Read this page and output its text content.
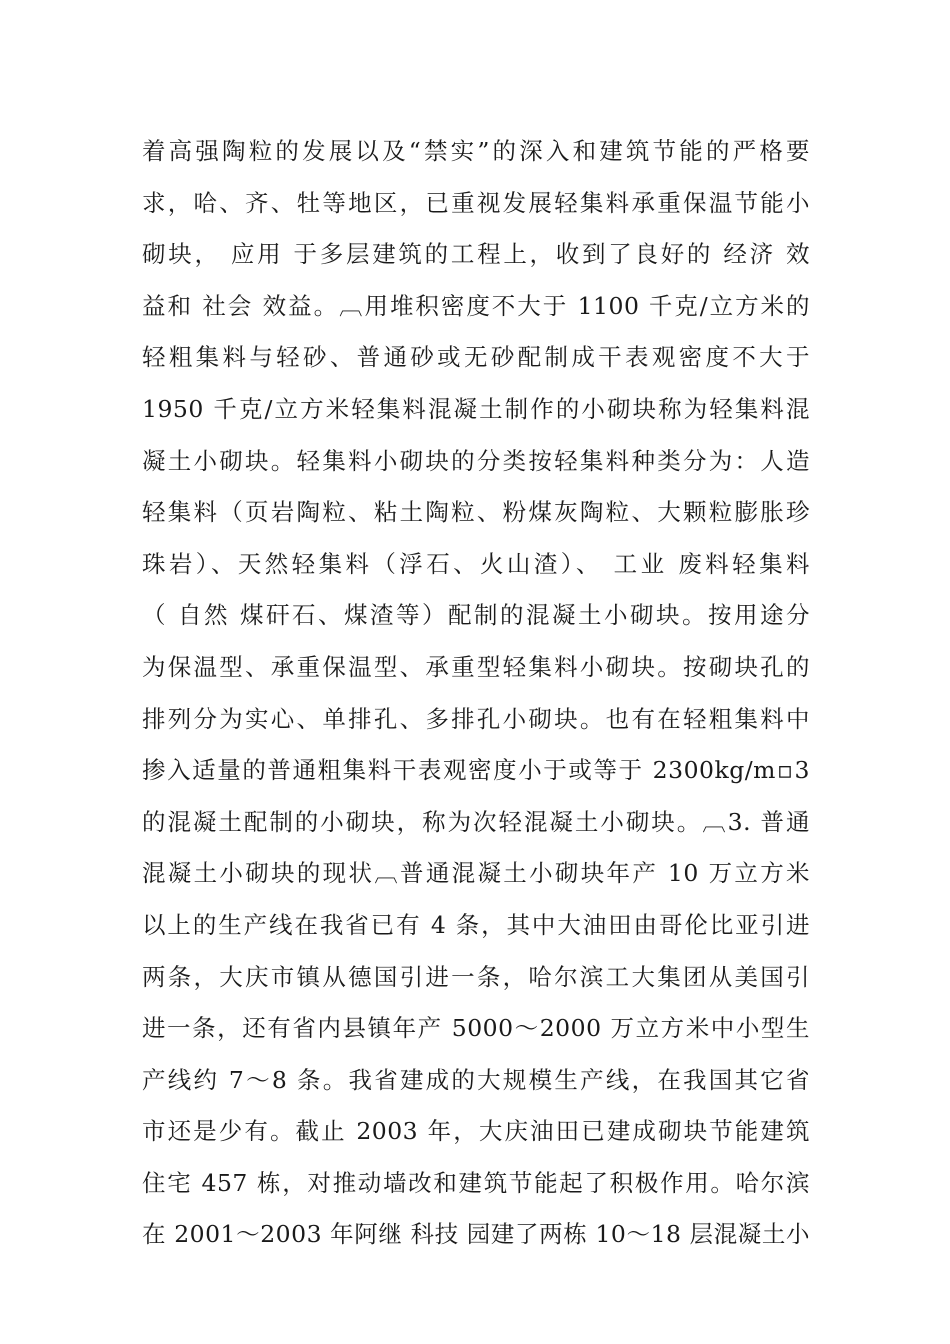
着高强陶粒的发展以及“禁实”的深入和建筑节能的严格要
求，哈、齐、牡等地区，已重视发展轻集料承重保温节能小
砌块， 应用 于多层建筑的工程上，收到了良好的 经济 效
益和 社会 效益。︹用堆积密度不大于 1100 千克/立方米的
轻粗集料与轻砂、普通砂或无砂配制成干表观密度不大于
1950 千克/立方米轻集料混凝土制作的小砌块称为轻集料混
凝土小砌块。轻集料小砌块的分类按轻集料种类分为：人造
轻集料（页岩陶粒、粘土陶粒、粉煤灰陶粒、大颗粒膨胀珍
珠岩）、天然轻集料（浮石、火山渣）、 工业 废料轻集料
（ 自然 煤矸石、煤渣等）配制的混凝土小砌块。按用途分
为保温型、承重保温型、承重型轻集料小砌块。按砌块孔的
排列分为实心、单排孔、多排孔小砌块。也有在轻粗集料中
掺入适量的普通粗集料干表观密度小于或等于 2300kg/m▫3
的混凝土配制的小砌块，称为次轻混凝土小砌块。︹3. 普通
混凝土小砌块的现状︹普通混凝土小砌块年产 10 万立方米
以上的生产线在我省已有 4 条，其中大油田由哥伦比亚引进
两条，大庆市镇从德国引进一条，哈尔滨工大集团从美国引
进一条，还有省内县镇年产 5000～2000 万立方米中小型生
产线约 7～8 条。我省建成的大规模生产线，在我国其它省
市还是少有。截止 2003 年，大庆油田已建成砌块节能建筑
住宅 457 栋，对推动墙改和建筑节能起了积极作用。哈尔滨
在 2001～2003 年阿继 科技 园建了两栋 10～18 层混凝土小
